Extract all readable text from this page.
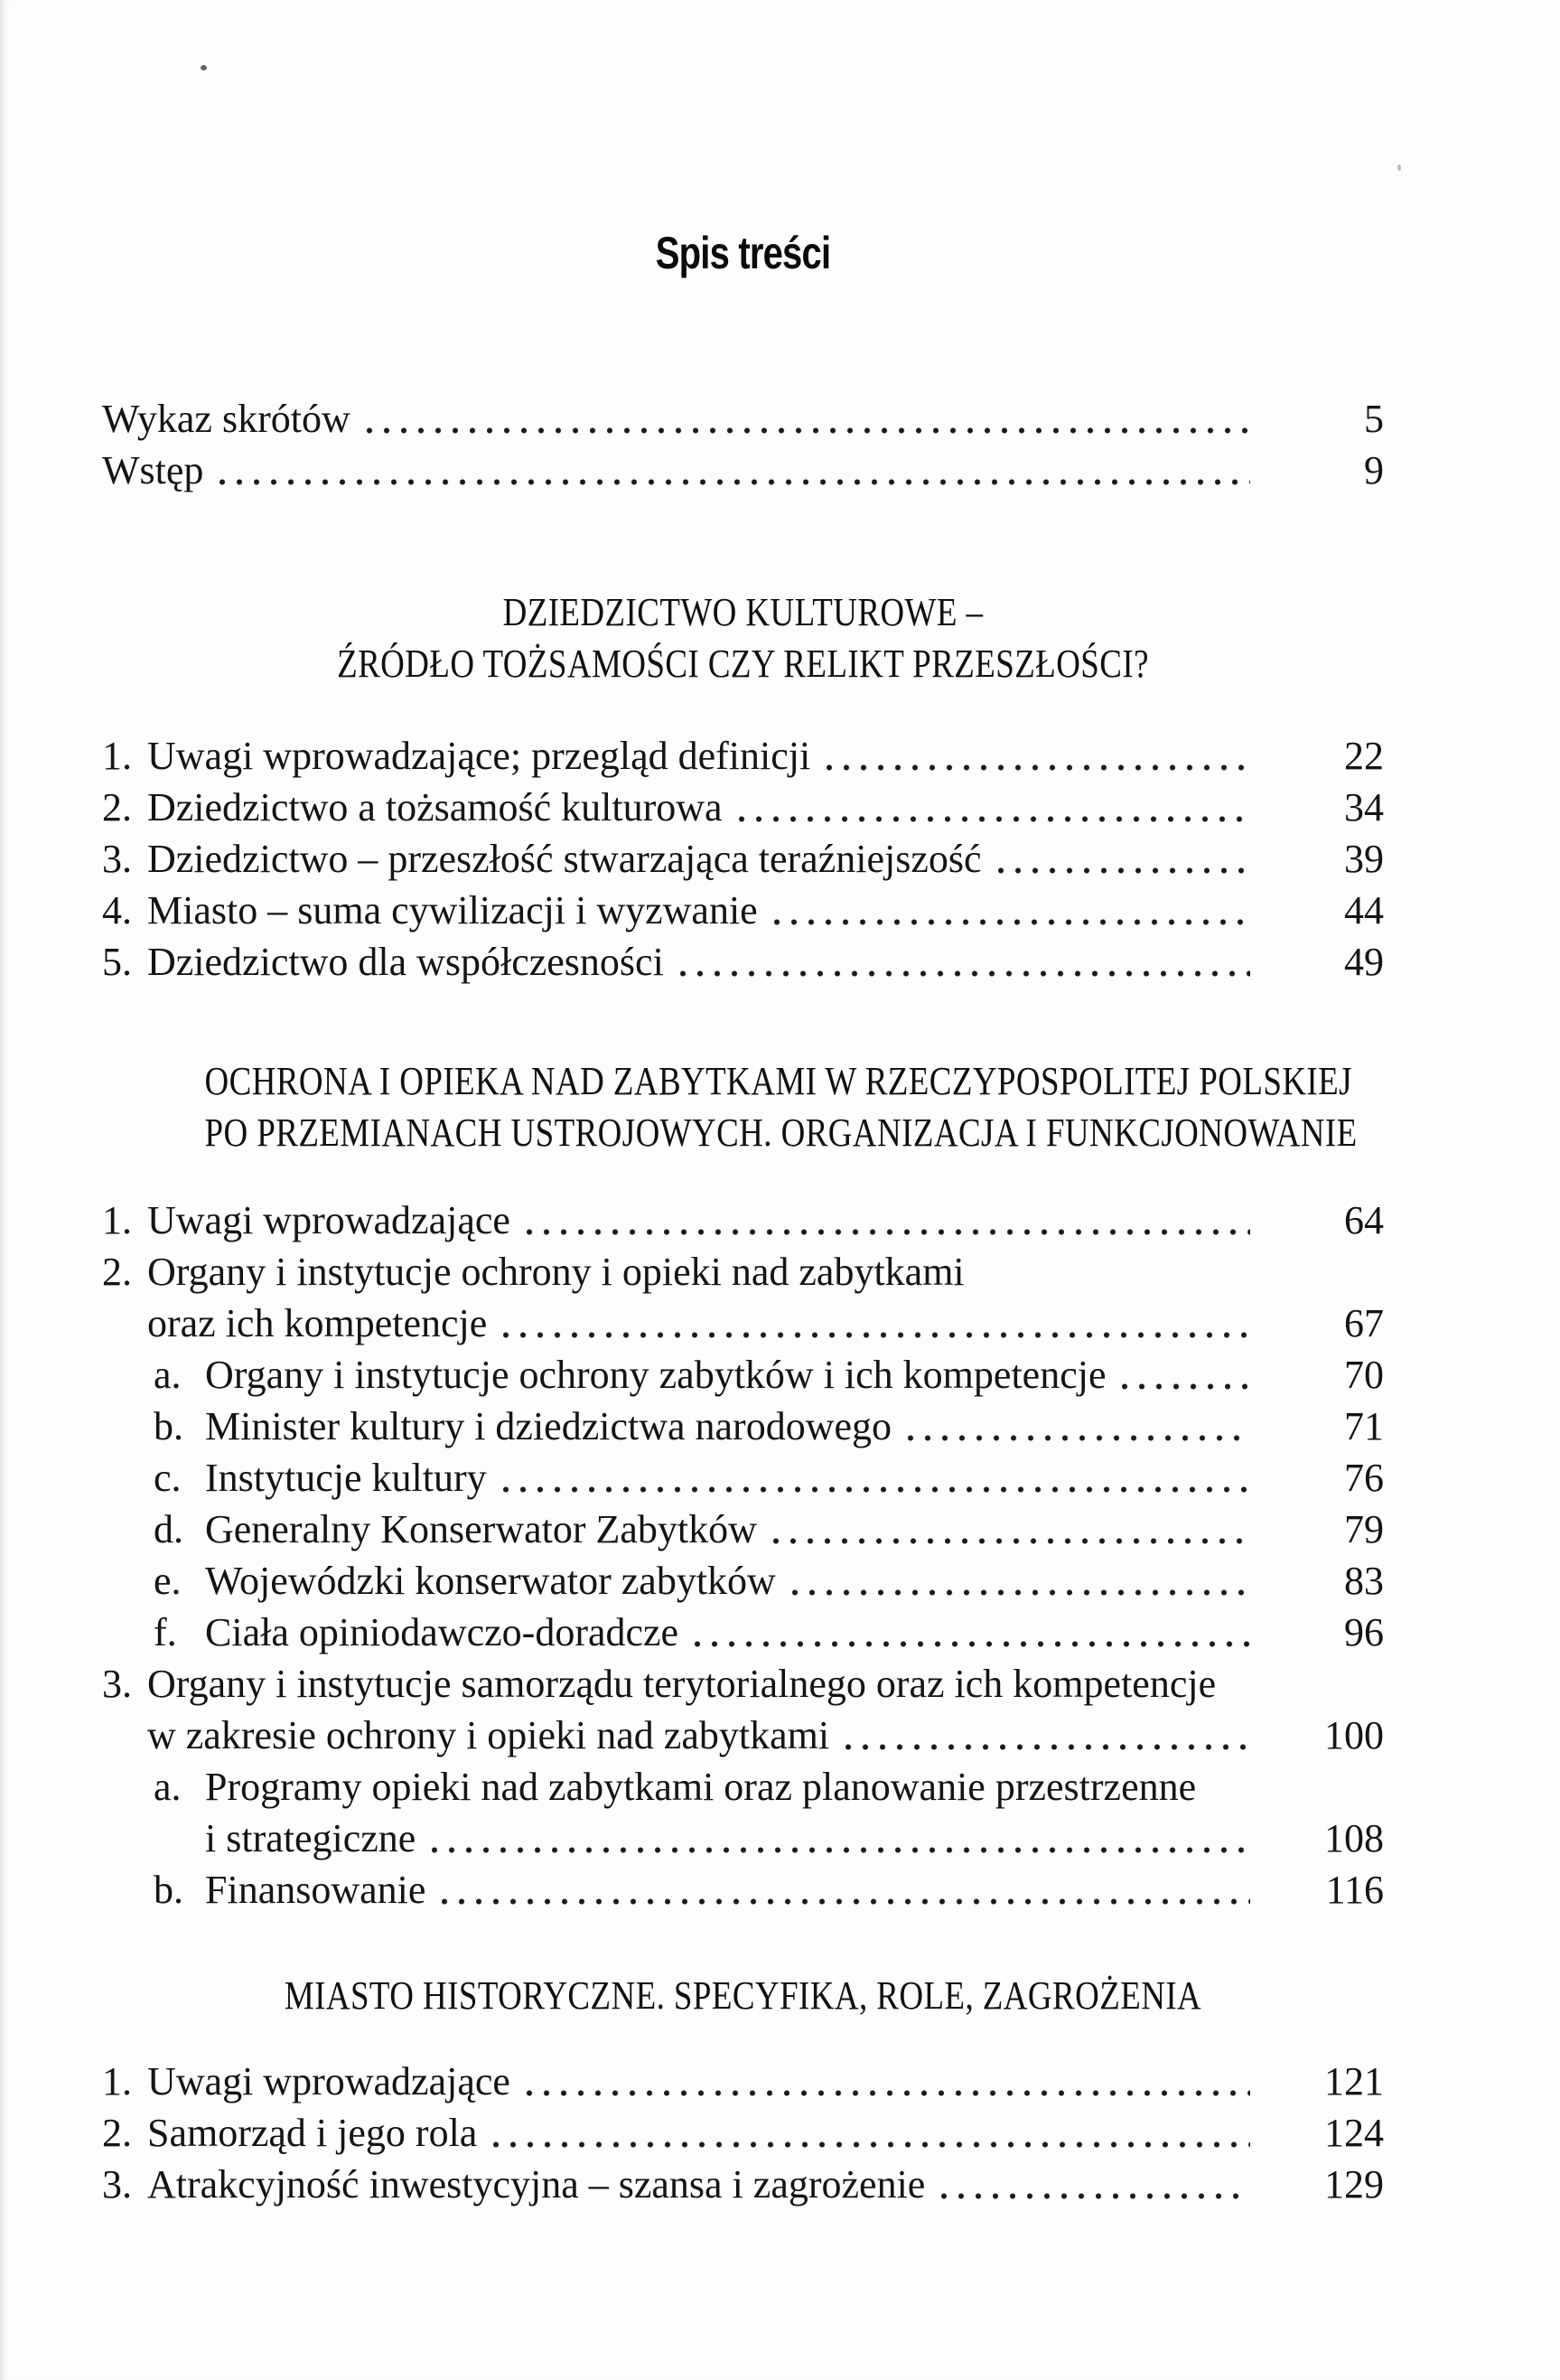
Spis treści
Wykaz skrótów	5
Wstęp	9
DZIEDZICTWO KULTUROWE –
ŹRÓDŁO TOŻSAMOŚCI CZY RELIKT PRZESZŁOŚCI?
1. Uwagi wprowadzające; przegląd definicji	22
2. Dziedzictwo a tożsamość kulturowa	34
3. Dziedzictwo – przeszłość stwarzająca teraźniejszość	39
4. Miasto – suma cywilizacji i wyzwanie	44
5. Dziedzictwo dla współczesności	49
OCHRONA I OPIEKA NAD ZABYTKAMI W RZECZYPOSPOLITEJ POLSKIEJ
PO PRZEMIANACH USTROJOWYCH. ORGANIZACJA I FUNKCJONOWANIE
1. Uwagi wprowadzające	64
2. Organy i instytucje ochrony i opieki nad zabytkami
oraz ich kompetencje	67
a. Organy i instytucje ochrony zabytków i ich kompetencje	70
b. Minister kultury i dziedzictwa narodowego	71
c. Instytucje kultury	76
d. Generalny Konserwator Zabytków	79
e. Wojewódzki konserwator zabytków	83
f. Ciała opiniodawczo-doradcze	96
3. Organy i instytucje samorządu terytorialnego oraz ich kompetencje
w zakresie ochrony i opieki nad zabytkami	100
a. Programy opieki nad zabytkami oraz planowanie przestrzenne
i strategiczne	108
b. Finansowanie	116
MIASTO HISTORYCZNE. SPECYFIKA, ROLE, ZAGROŻENIA
1. Uwagi wprowadzające	121
2. Samorząd i jego rola	124
3. Atrakcyjność inwestycyjna – szansa i zagrożenie	129
